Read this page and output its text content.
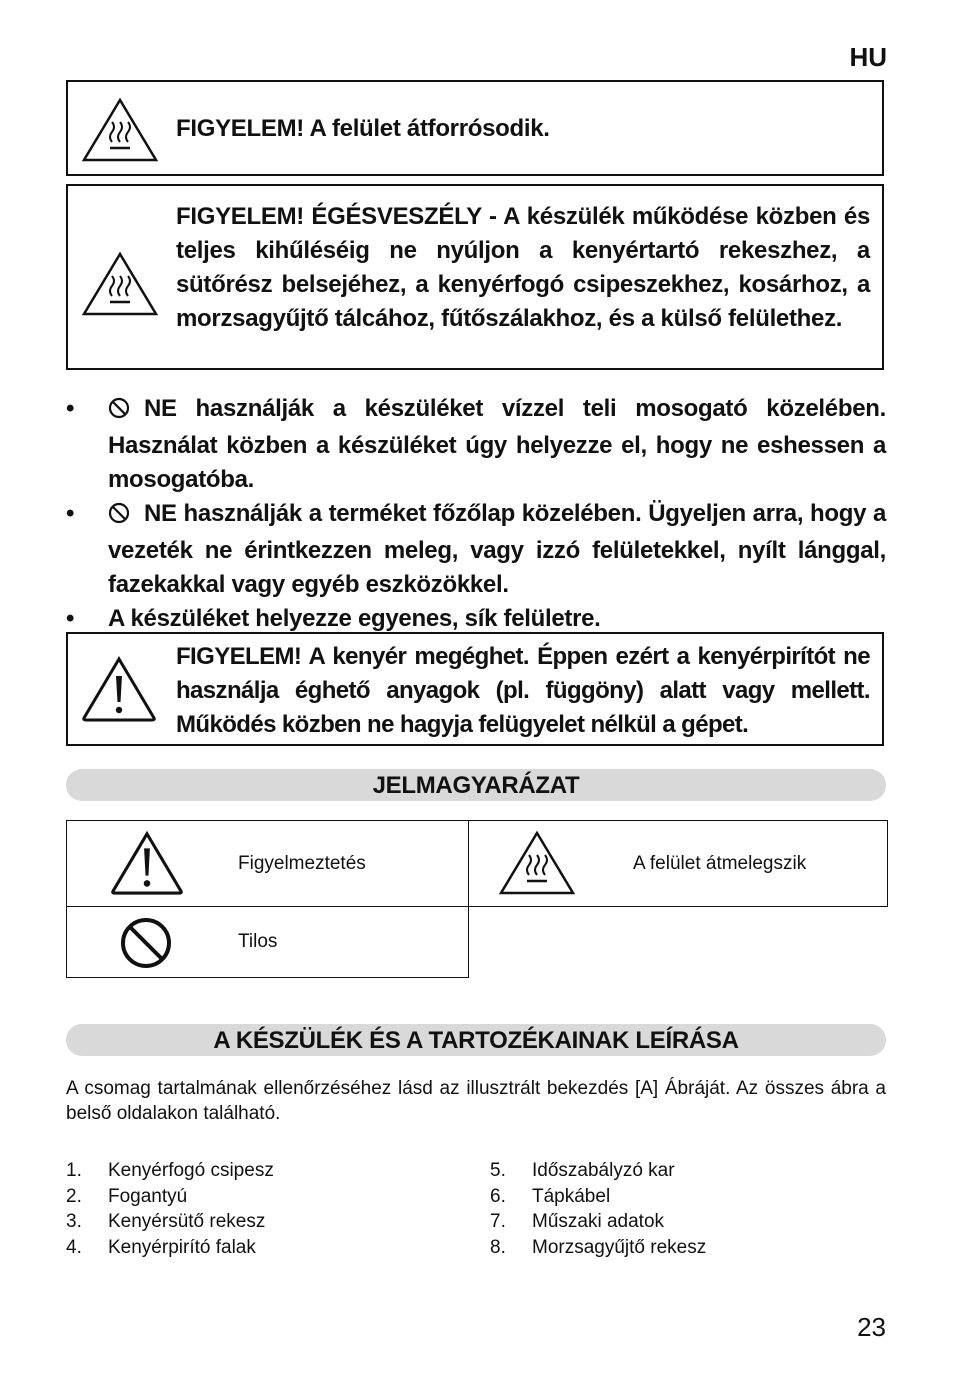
HU
FIGYELEM! A felület átforrósodik.
FIGYELEM! ÉGÉSVESZÉLY - A készülék működése közben és teljes kihűléséig ne nyúljon a kenyértartó rekeszhez, a sütőrész belsejéhez, a kenyérfogó csipeszekhez, kosárhoz, a morzsagyűjtő tálcához, fűtőszálakhoz, és a külső felülethez.
•	NE használják a készüléket vízzel teli mosogató közelében. Használat közben a készüléket úgy helyezze el, hogy ne eshessen a mosogatóba.
•	NE használják a terméket főzőlap közelében. Ügyeljen arra, hogy a vezeték ne érintkezzen meleg, vagy izzó felületekkel, nyílt lánggal, fazekakkal vagy egyéb eszközökkel.
• A készüléket helyezze egyenes, sík felületre.
FIGYELEM! A kenyér megéghet. Éppen ezért a kenyérpirítót ne használja éghető anyagok (pl. függöny) alatt vagy mellett. Működés közben ne hagyja felügyelet nélkül a gépet.
JELMAGYARÁZAT
Figyelmeztetés	A felület átmelegszik
Tilos
A KÉSZÜLÉK ÉS A TARTOZÉKAINAK LEÍRÁSA
A csomag tartalmának ellenőrzéséhez lásd az illusztrált bekezdés [A] Ábráját. Az összes ábra a belső oldalakon található.
1. Kenyérfogó csipesz
2. Fogantyú
3. Kenyérsütő rekesz
4. Kenyérpirító falak
5. Időszabályzó kar
6. Tápkábel
7. Műszaki adatok
8. Morzsagyűjtő rekesz
23
